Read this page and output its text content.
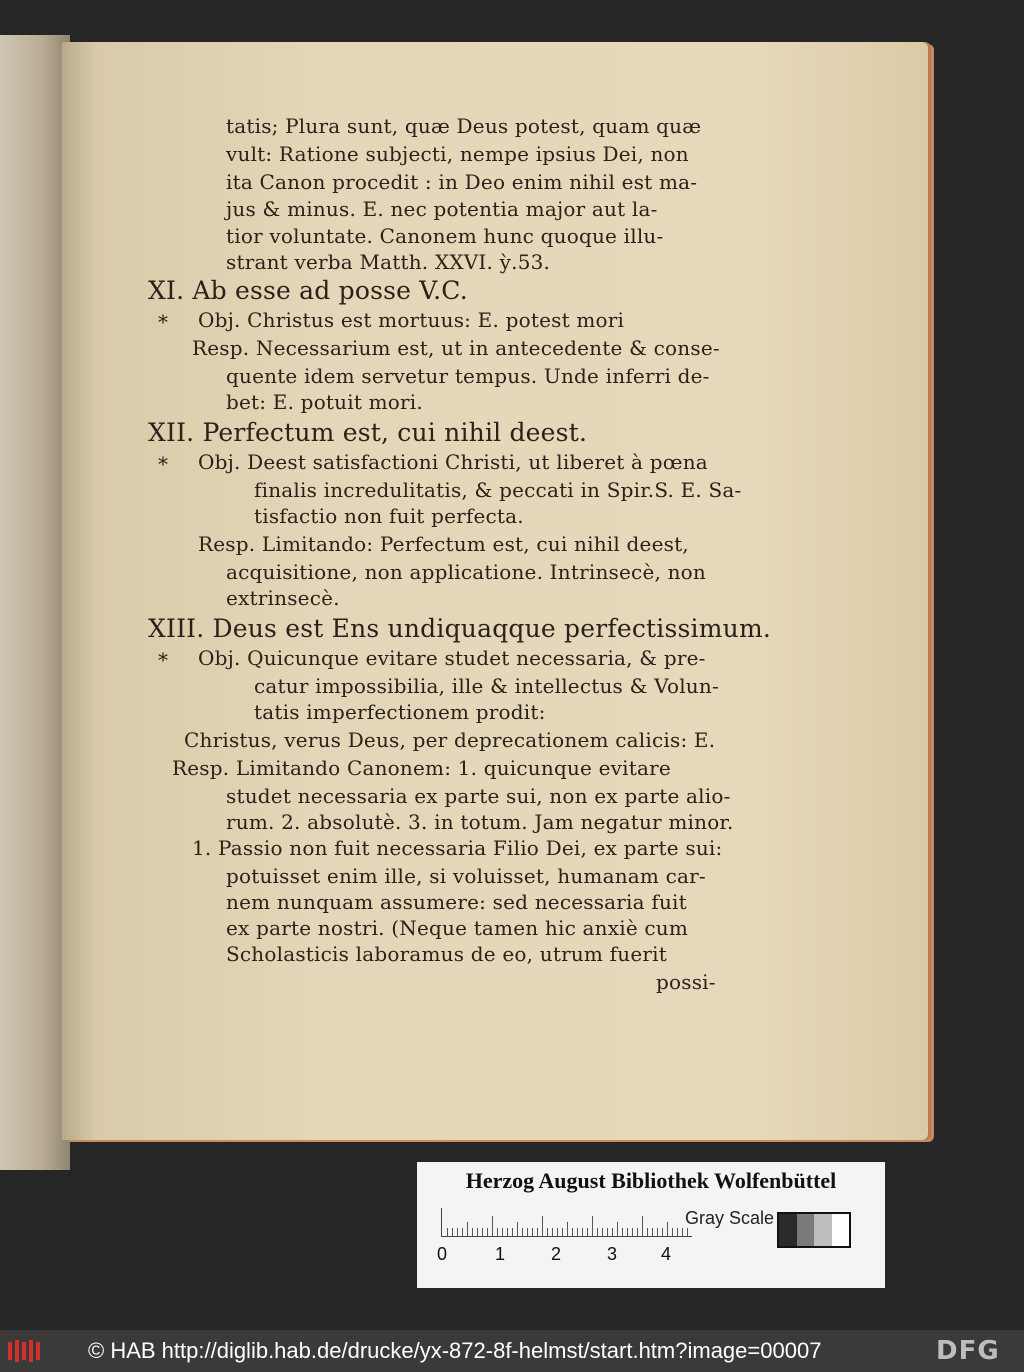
tatis; Plura sunt, quæ Deus potest, quam quæ
vult: Ratione subjecti, nempe ipsius Dei, non
ita Canon procedit : in Deo enim nihil est ma-
jus & minus. E. nec potentia major aut la-
tior voluntate. Canonem hunc quoque illu-
strant verba Matth. XXVI. ỳ.53.
XI. Ab esse ad posse V.C.
* Obj. Christus est mortuus: E. potest mori
Resp. Necessarium est, ut in antecedente & conse-
quente idem servetur tempus. Unde inferri de-
bet: E. potuit mori.
XII. Perfectum est, cui nihil deest.
* Obj. Deest satisfactioni Christi, ut liberet à pœna
finalis incredulitatis, & peccati in Spir.S. E. Sa-
tisfactio non fuit perfecta.
Resp. Limitando: Perfectum est, cui nihil deest,
acquisitione, non applicatione. Intrinsecè, non
extrinsecè.
XIII. Deus est Ens undiquaqque perfectissimum.
* Obj. Quicunque evitare studet necessaria, & pre-
catur impossibilia, ille & intellectus & Volun-
tatis imperfectionem prodit:
Christus, verus Deus, per deprecationem calicis: E.
Resp. Limitando Canonem: 1. quicunque evitare
studet necessaria ex parte sui, non ex parte alio-
rum. 2. absolutè. 3. in totum. Jam negatur minor.
1. Passio non fuit necessaria Filio Dei, ex parte sui:
potuisset enim ille, si voluisset, humanam car-
nem nunquam assumere: sed necessaria fuit
ex parte nostri. (Neque tamen hic anxiè cum
Scholasticis laboramus de eo, utrum fuerit
possi-
Herzog August Bibliothek Wolfenbüttel
0	1	2	3 4
Gray Scale
© HAB http://diglib.hab.de/drucke/yx-872-8f-helmst/start.htm?image=00007	DFG
